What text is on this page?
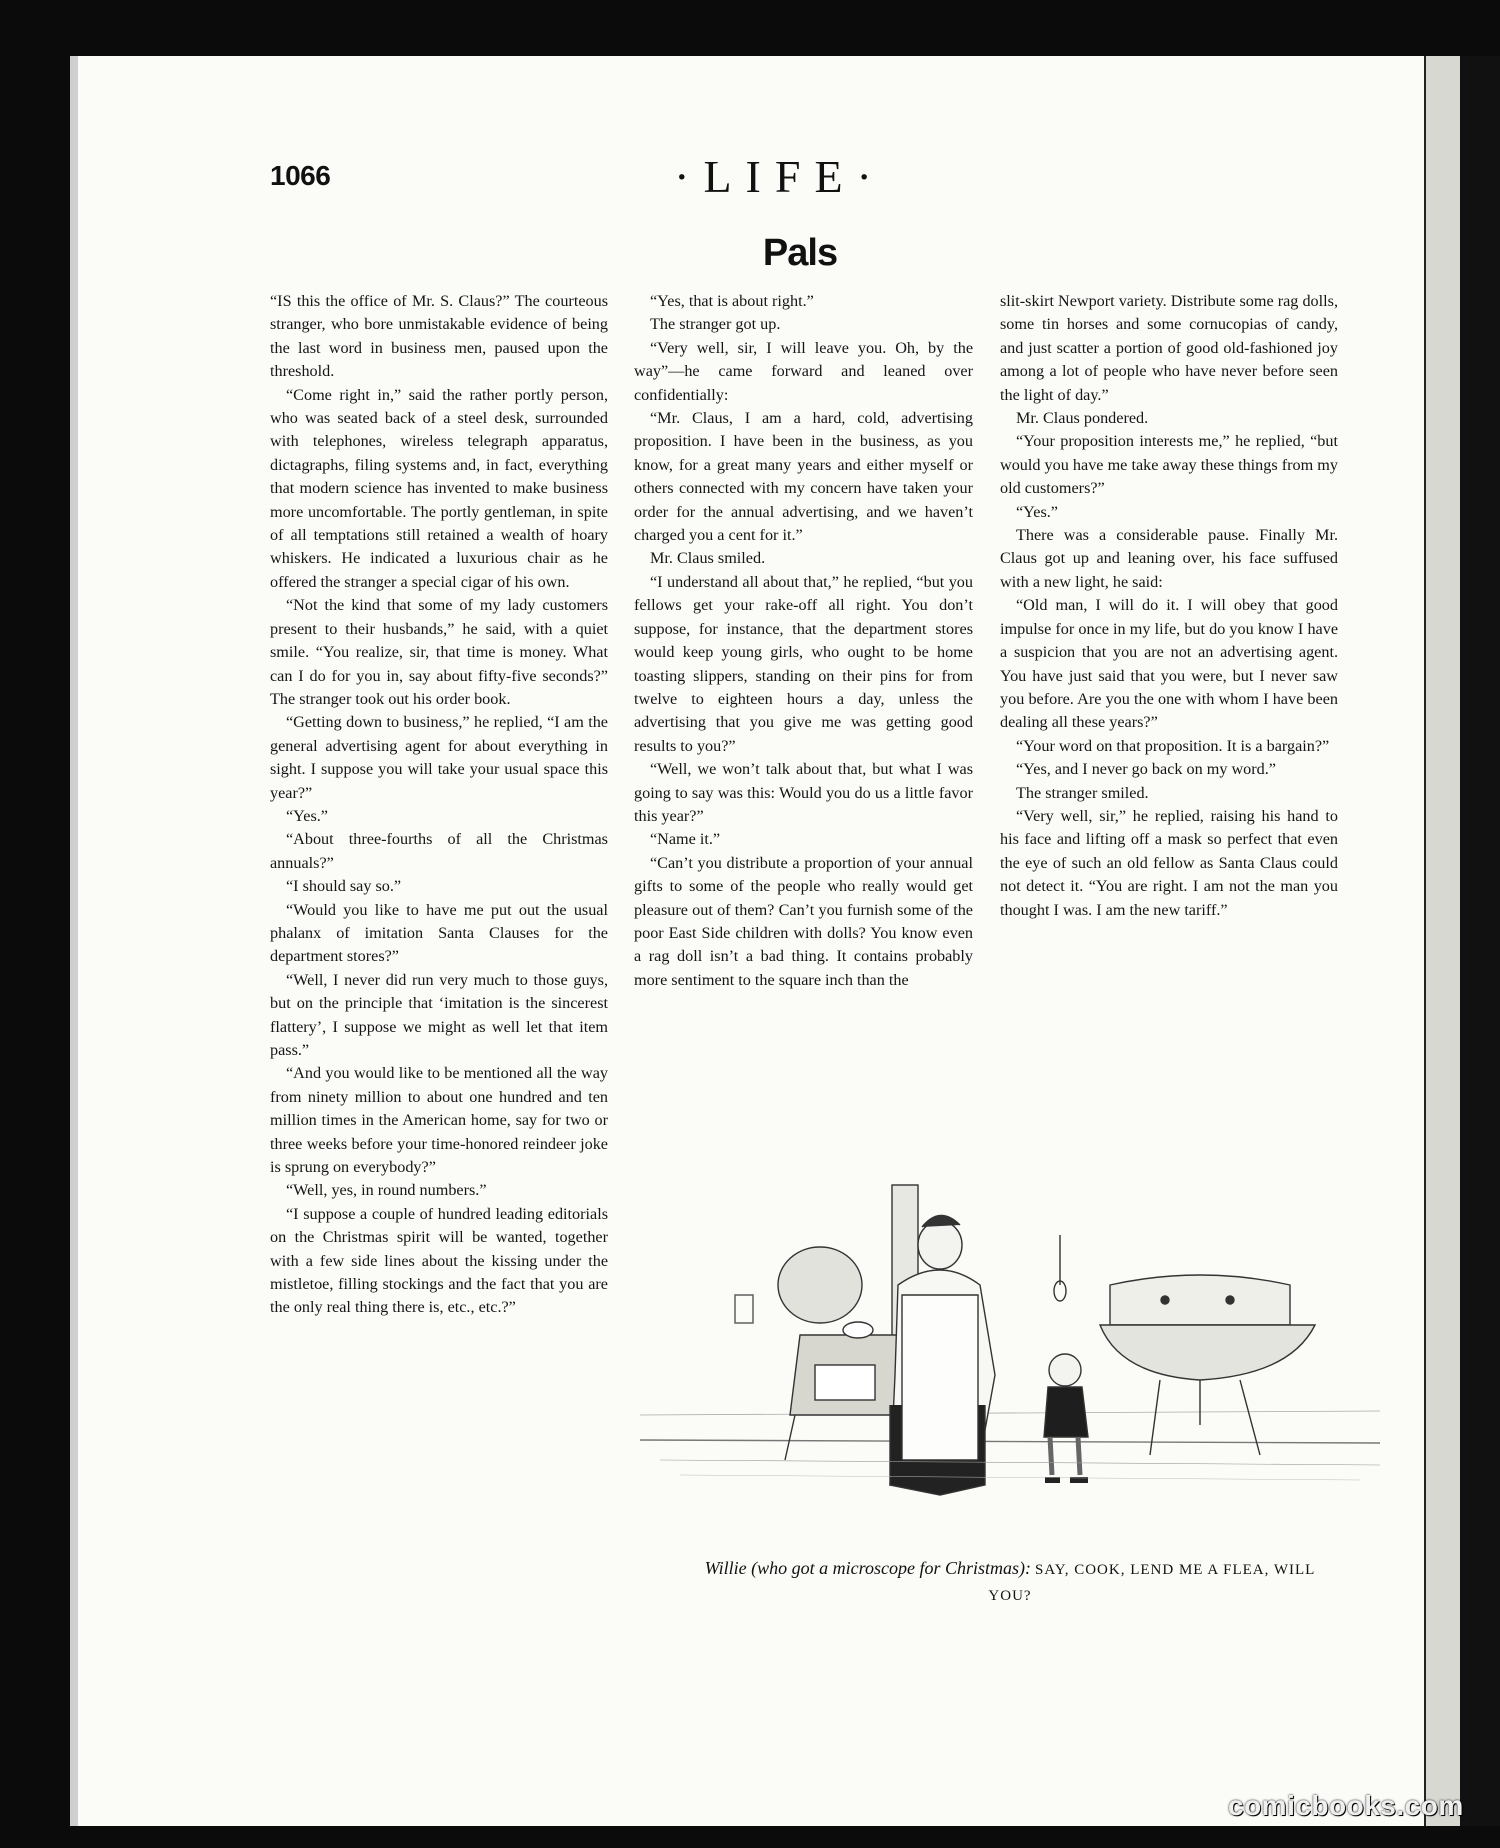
1066	·LIFE·
Pals

“IS this the office of Mr. S. Claus?” The courteous stranger, who bore unmistakable evidence of being the last word in business men, paused upon the threshold.

“Come right in,” said the rather portly person, who was seated back of a steel desk, surrounded with telephones, wireless telegraph apparatus, dictagraphs, filing systems and, in fact, everything that modern science has invented to make business more uncomfortable. The portly gentleman, in spite of all temptations still retained a wealth of hoary whiskers. He indicated a luxurious chair as he offered the stranger a special cigar of his own.

“Not the kind that some of my lady customers present to their husbands,” he said, with a quiet smile. “You realize, sir, that time is money. What can I do for you in, say about fifty-five seconds?” The stranger took out his order book.

“Getting down to business,” he replied, “I am the general advertising agent for about everything in sight. I suppose you will take your usual space this year?”

“Yes.”

“About three-fourths of all the Christmas annuals?”

“I should say so.”

“Would you like to have me put out the usual phalanx of imitation Santa Clauses for the department stores?”

“Well, I never did run very much to those guys, but on the principle that ‘imitation is the sincerest flattery’, I suppose we might as well let that item pass.”

“And you would like to be mentioned all the way from ninety million to about one hundred and ten million times in the American home, say for two or three weeks before your time-honored reindeer joke is sprung on everybody?”

“Well, yes, in round numbers.”

“I suppose a couple of hundred leading editorials on the Christmas spirit will be wanted, together with a few side lines about the kissing under the mistletoe, filling stockings and the fact that you are the only real thing there is, etc., etc.?”

“Yes, that is about right.”

The stranger got up.

“Very well, sir, I will leave you. Oh, by the way”—he came forward and leaned over confidentially:

“Mr. Claus, I am a hard, cold, advertising proposition. I have been in the business, as you know, for a great many years and either myself or others connected with my concern have taken your order for the annual advertising, and we haven’t charged you a cent for it.”

Mr. Claus smiled.

“I understand all about that,” he replied, “but you fellows get your rake-off all right. You don’t suppose, for instance, that the department stores would keep young girls, who ought to be home toasting slippers, standing on their pins for from twelve to eighteen hours a day, unless the advertising that you give me was getting good results to you?”

“Well, we won’t talk about that, but what I was going to say was this: Would you do us a little favor this year?”

“Name it.”

“Can’t you distribute a proportion of your annual gifts to some of the people who really would get pleasure out of them? Can’t you furnish some of the poor East Side children with dolls? You know even a rag doll isn’t a bad thing. It contains probably more sentiment to the square inch than the

slit-skirt Newport variety. Distribute some rag dolls, some tin horses and some cornucopias of candy, and just scatter a portion of good old-fashioned joy among a lot of people who have never before seen the light of day.”

Mr. Claus pondered.

“Your proposition interests me,” he replied, “but would you have me take away these things from my old customers?”

“Yes.”

There was a considerable pause. Finally Mr. Claus got up and leaning over, his face suffused with a new light, he said:

“Old man, I will do it. I will obey that good impulse for once in my life, but do you know I have a suspicion that you are not an advertising agent. You have just said that you were, but I never saw you before. Are you the one with whom I have been dealing all these years?”

“Your word on that proposition. It is a bargain?”

“Yes, and I never go back on my word.”

The stranger smiled.

“Very well, sir,” he replied, raising his hand to his face and lifting off a mask so perfect that even the eye of such an old fellow as Santa Claus could not detect it. “You are right. I am not the man you thought I was. I am the new tariff.”

Willie (who got a microscope for Christmas): SAY, COOK, LEND ME A FLEA, WILL YOU?
comicbooks.com
